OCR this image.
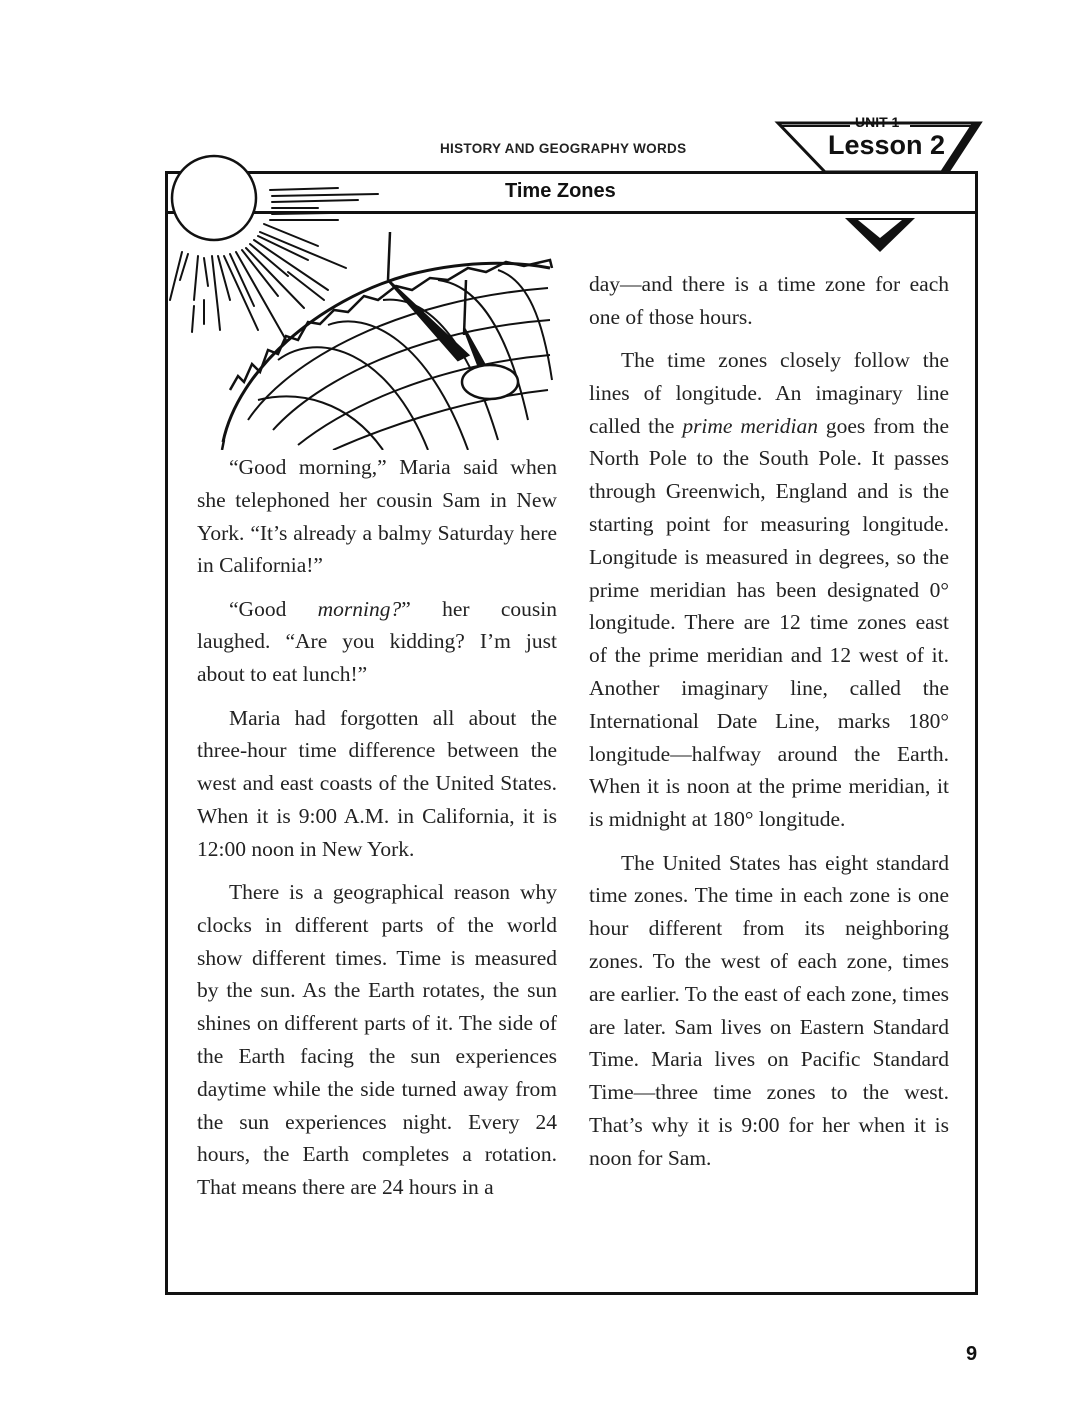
HISTORY AND GEOGRAPHY WORDS
UNIT 1
Lesson 2
Time Zones

“Good morning,” Maria said when she telephoned her cousin Sam in New York. “It’s already a balmy Saturday here in California!”

“Good morning?” her cousin laughed. “Are you kidding? I’m just about to eat lunch!”

Maria had forgotten all about the three-hour time difference between the west and east coasts of the United States. When it is 9:00 A.M. in California, it is 12:00 noon in New York.

There is a geographical reason why clocks in different parts of the world show different times. Time is measured by the sun. As the Earth rotates, the sun shines on different parts of it. The side of the Earth facing the sun experiences daytime while the side turned away from the sun experiences night. Every 24 hours, the Earth completes a rotation. That means there are 24 hours in a

day—and there is a time zone for each one of those hours.

The time zones closely follow the lines of longitude. An imaginary line called the prime meridian goes from the North Pole to the South Pole. It passes through Greenwich, England and is the starting point for measuring longitude. Longitude is measured in degrees, so the prime meridian has been designated 0° longitude. There are 12 time zones east of the prime meridian and 12 west of it. Another imaginary line, called the International Date Line, marks 180° longitude—halfway around the Earth. When it is noon at the prime meridian, it is midnight at 180° longitude.

The United States has eight standard time zones. The time in each zone is one hour different from its neighboring zones. To the west of each zone, times are earlier. To the east of each zone, times are later. Sam lives on Eastern Standard Time. Maria lives on Pacific Standard Time—three time zones to the west. That’s why it is 9:00 for her when it is noon for Sam.

9
